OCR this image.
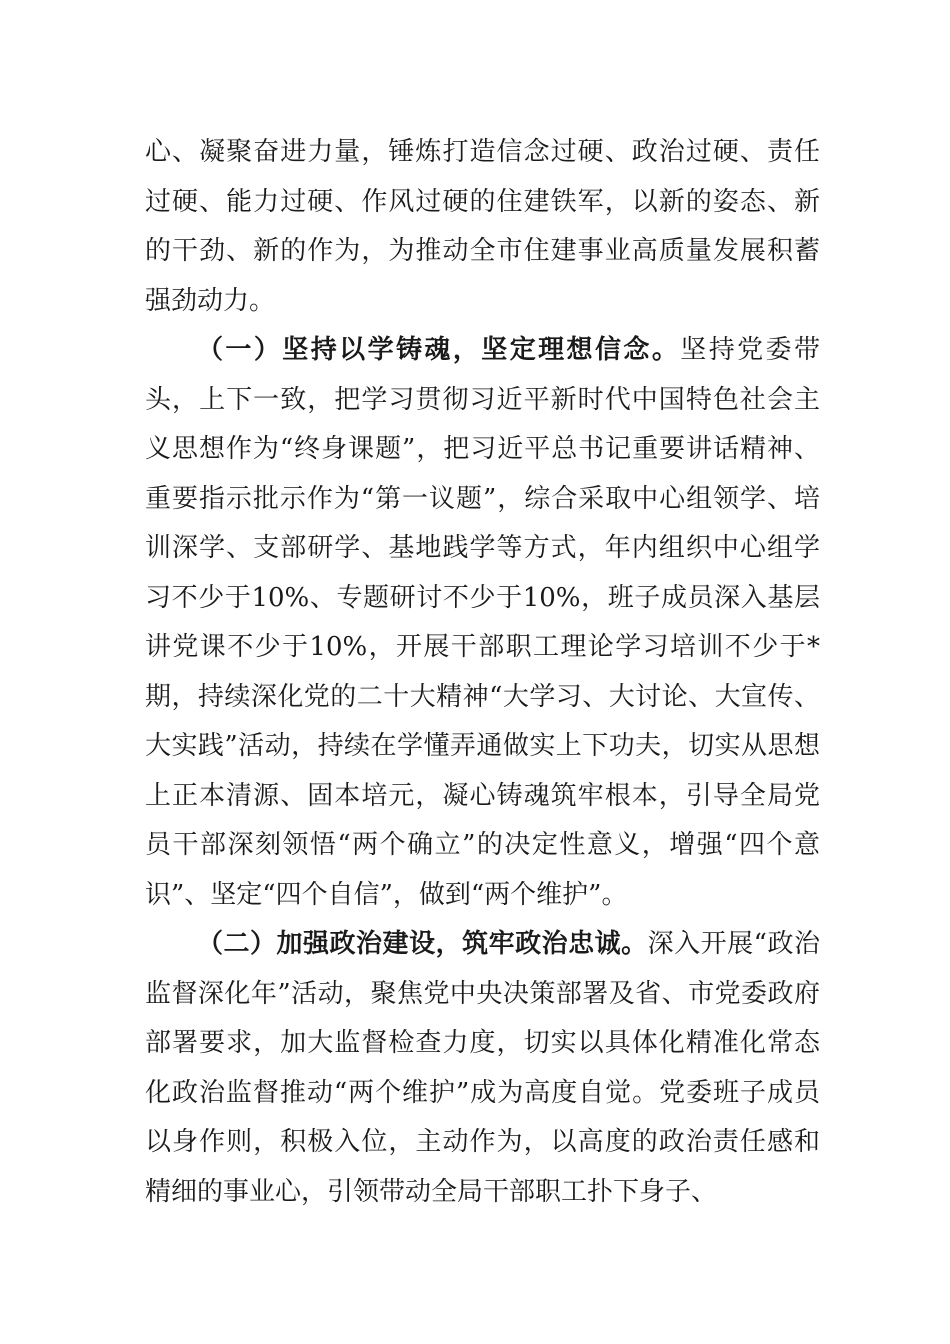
心、凝聚奋进力量，锤炼打造信念过硬、政治过硬、责任过硬、能力过硬、作风过硬的住建铁军，以新的姿态、新的干劲、新的作为，为推动全市住建事业高质量发展积蓄强劲动力。

（一）坚持以学铸魂，坚定理想信念。坚持党委带头，上下一致，把学习贯彻习近平新时代中国特色社会主义思想作为“终身课题”，把习近平总书记重要讲话精神、重要指示批示作为“第一议题”，综合采取中心组领学、培训深学、支部研学、基地践学等方式，年内组织中心组学习不少于10%、专题研讨不少于10%，班子成员深入基层讲党课不少于10%，开展干部职工理论学习培训不少于*期，持续深化党的二十大精神“大学习、大讨论、大宣传、大实践”活动，持续在学懂弄通做实上下功夫，切实从思想上正本清源、固本培元，凝心铸魂筑牢根本，引导全局党员干部深刻领悟“两个确立”的决定性意义，增强“四个意识”、坚定“四个自信”，做到“两个维护”。

（二）加强政治建设，筑牢政治忠诚。深入开展“政治监督深化年”活动，聚焦党中央决策部署及省、市党委政府部署要求，加大监督检查力度，切实以具体化精准化常态化政治监督推动“两个维护”成为高度自觉。党委班子成员以身作则，积极入位，主动作为，以高度的政治责任感和精细的事业心，引领带动全局干部职工扑下身子、
